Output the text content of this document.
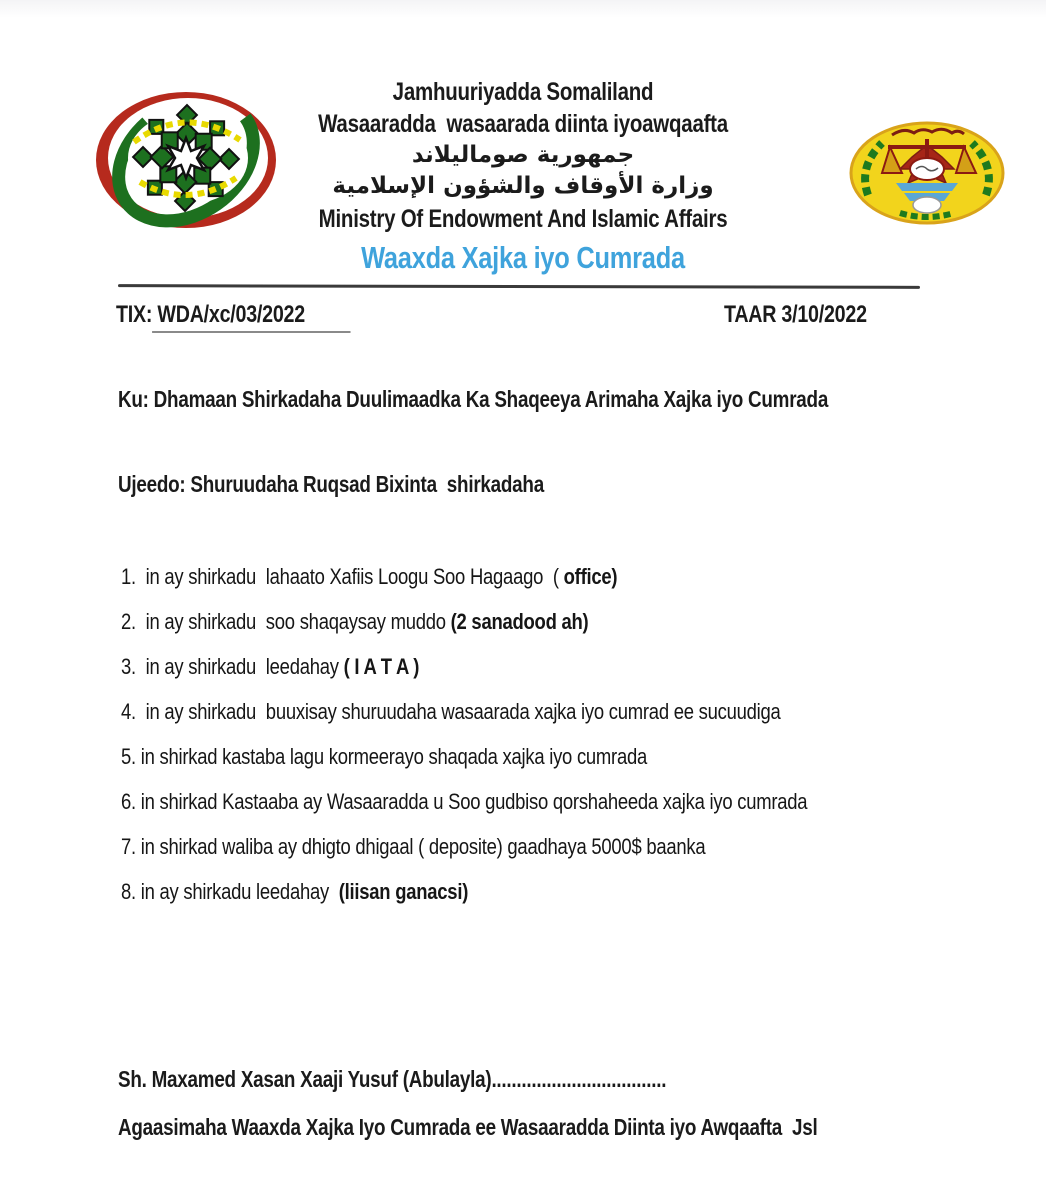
Jamhuuriyadda Somaliland
Wasaaradda  wasaarada diinta iyoawqaafta
جمهورية صوماليلاند
وزارة الأوقاف والشؤون الإسلامية
Ministry Of Endowment And Islamic Affairs
Waaxda Xajka iyo Cumrada
TIX: WDA/xc/03/2022	TAAR 3/10/2022
Ku: Dhamaan Shirkadaha Duulimaadka Ka Shaqeeya Arimaha Xajka iyo Cumrada
Ujeedo: Shuruudaha Ruqsad Bixinta  shirkadaha
1.  in ay shirkadu  lahaato Xafiis Loogu Soo Hagaago  ( office)
2.  in ay shirkadu  soo shaqaysay muddo (2 sanadood ah)
3.  in ay shirkadu  leedahay ( I A T A )
4.  in ay shirkadu  buuxisay shuruudaha wasaarada xajka iyo cumrad ee sucuudiga
5. in shirkad kastaba lagu kormeerayo shaqada xajka iyo cumrada
6. in shirkad Kastaaba ay Wasaaradda u Soo gudbiso qorshaheeda xajka iyo cumrada
7. in shirkad waliba ay dhigto dhigaal ( deposite) gaadhaya 5000$ baanka
8. in ay shirkadu leedahay  (liisan ganacsi)
Sh. Maxamed Xasan Xaaji Yusuf (Abulayla)...................................
Agaasimaha Waaxda Xajka Iyo Cumrada ee Wasaaradda Diinta iyo Awqaafta  Jsl
